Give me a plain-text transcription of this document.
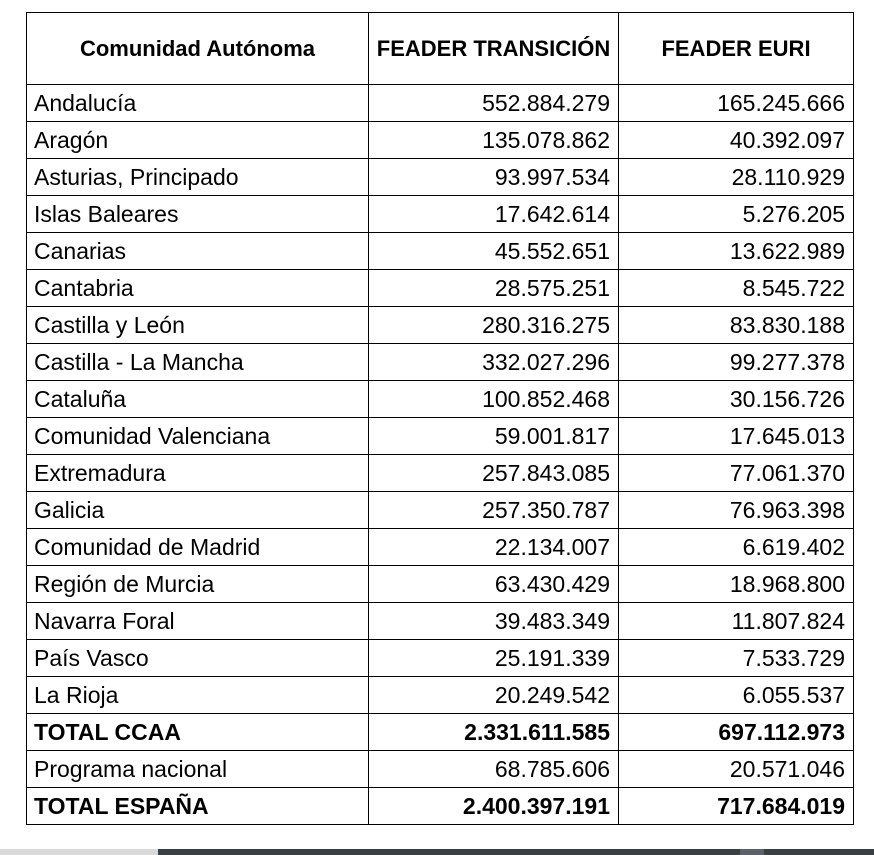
Comunidad Autónoma	FEADER TRANSICIÓN	FEADER EURI
Andalucía	552.884.279	165.245.666
Aragón	135.078.862	40.392.097
Asturias, Principado	93.997.534	28.110.929
Islas Baleares	17.642.614	5.276.205
Canarias	45.552.651	13.622.989
Cantabria	28.575.251	8.545.722
Castilla y León	280.316.275	83.830.188
Castilla - La Mancha	332.027.296	99.277.378
Cataluña	100.852.468	30.156.726
Comunidad Valenciana	59.001.817	17.645.013
Extremadura	257.843.085	77.061.370
Galicia	257.350.787	76.963.398
Comunidad de Madrid	22.134.007	6.619.402
Región de Murcia	63.430.429	18.968.800
Navarra Foral	39.483.349	11.807.824
País Vasco	25.191.339	7.533.729
La Rioja	20.249.542	6.055.537
TOTAL CCAA	2.331.611.585	697.112.973
Programa nacional	68.785.606	20.571.046
TOTAL ESPAÑA	2.400.397.191	717.684.019
